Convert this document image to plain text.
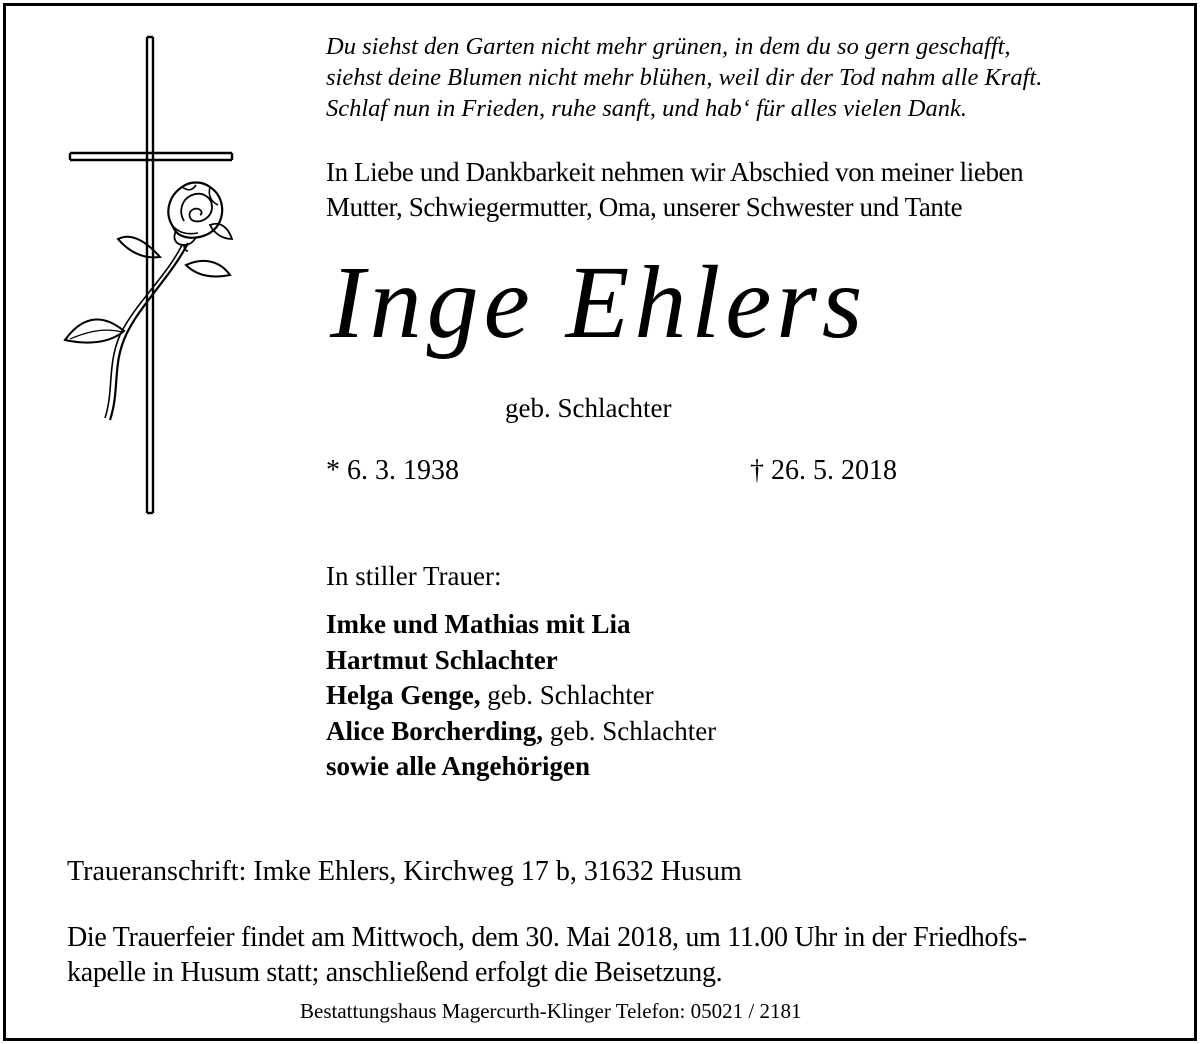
Du siehst den Garten nicht mehr grünen, in dem du so gern geschafft,
siehst deine Blumen nicht mehr blühen, weil dir der Tod nahm alle Kraft.
Schlaf nun in Frieden, ruhe sanft, und hab‘ für alles vielen Dank.
In Liebe und Dankbarkeit nehmen wir Abschied von meiner lieben
Mutter, Schwiegermutter, Oma, unserer Schwester und Tante
Inge Ehlers
geb. Schlachter
* 6. 3. 1938	† 26. 5. 2018
In stiller Trauer:
Imke und Mathias mit Lia
Hartmut Schlachter
Helga Genge, geb. Schlachter
Alice Borcherding, geb. Schlachter
sowie alle Angehörigen
Traueranschrift: Imke Ehlers, Kirchweg 17 b, 31632 Husum
Die Trauerfeier findet am Mittwoch, dem 30. Mai 2018, um 11.00 Uhr in der Friedhofs-
kapelle in Husum statt; anschließend erfolgt die Beisetzung.
Bestattungshaus Magercurth-Klinger Telefon: 05021 / 2181
